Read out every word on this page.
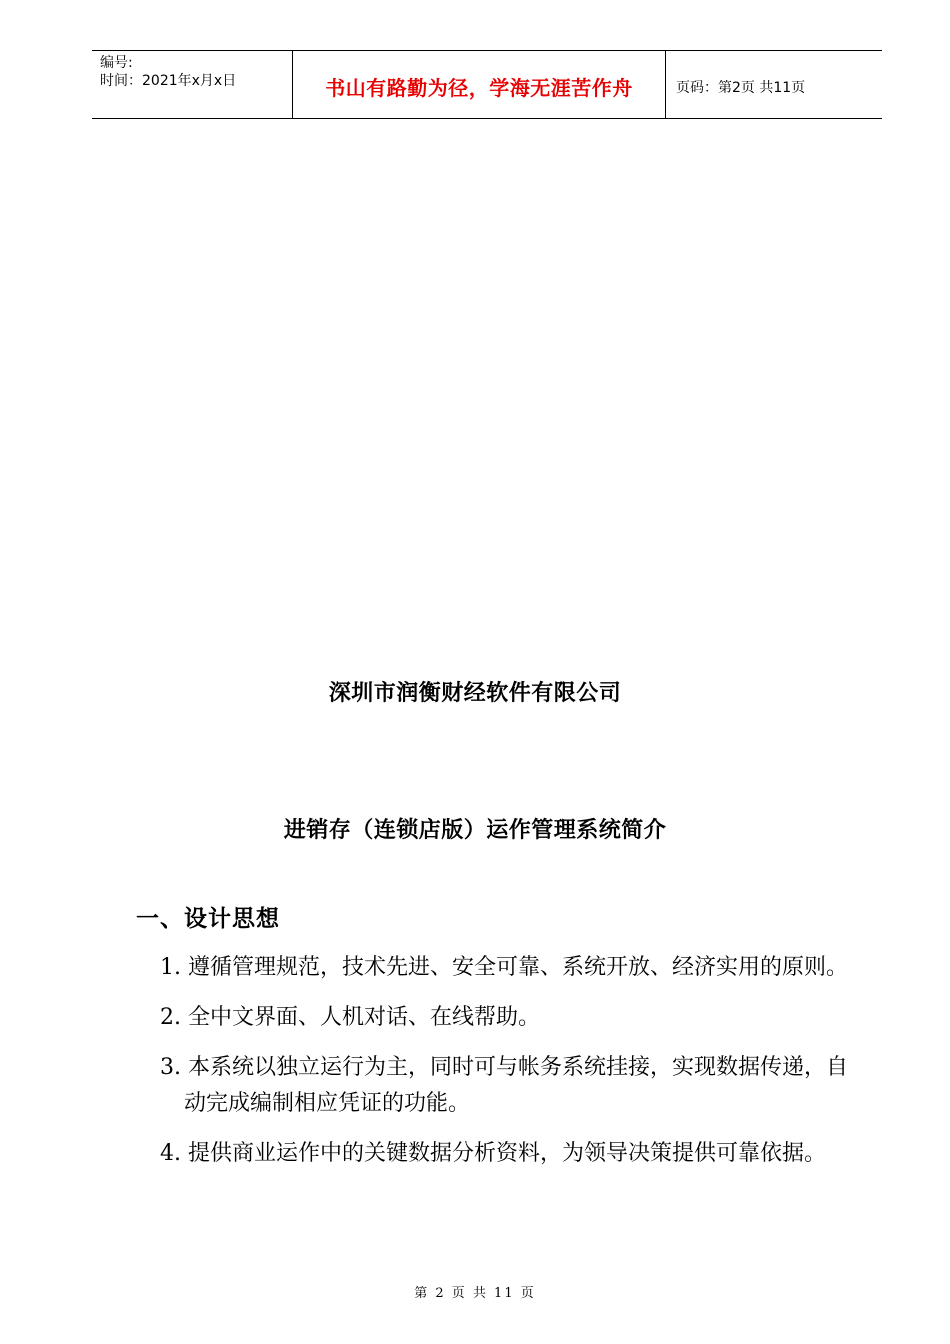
编号:
时间：2021年x月x日	书山有路勤为径，学海无涯苦作舟	页码：第2页 共11页
深圳市润衡财经软件有限公司
进销存（连锁店版）运作管理系统简介
一、设计思想
1. 遵循管理规范，技术先进、安全可靠、系统开放、经济实用的原则。
2. 全中文界面、人机对话、在线帮助。
3. 本系统以独立运行为主，同时可与帐务系统挂接，实现数据传递，自动完成编制相应凭证的功能。
4. 提供商业运作中的关键数据分析资料，为领导决策提供可靠依据。
第 2 页 共 11 页
